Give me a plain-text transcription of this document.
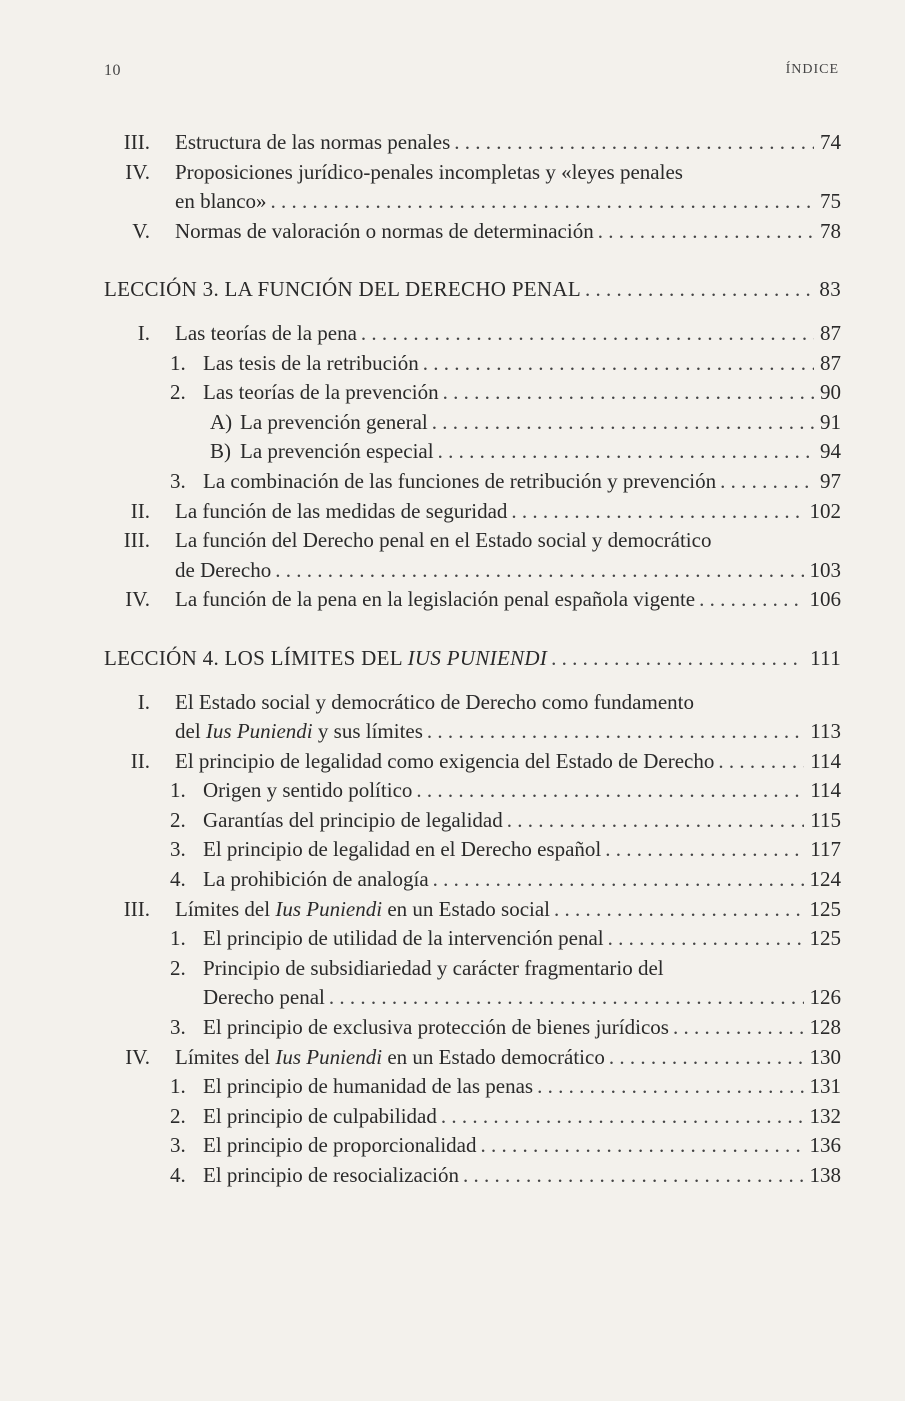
10	ÍNDICE
III. Estructura de las normas penales . . .	74
IV. Proposiciones jurídico-penales incompletas y «leyes penales
en blanco» . . .	75
V. Normas de valoración o normas de determinación . . .	78
LECCIÓN 3. LA FUNCIÓN DEL DERECHO PENAL . . .	83
I. Las teorías de la pena . . .	87
1. Las tesis de la retribución . . .	87
2. Las teorías de la prevención . . .	90
A) La prevención general . . .	91
B) La prevención especial . . .	94
3. La combinación de las funciones de retribución y prevención . . .	97
II. La función de las medidas de seguridad . . .	102
III. La función del Derecho penal en el Estado social y democrático
de Derecho . . .	103
IV. La función de la pena en la legislación penal española vigente . . .	106
LECCIÓN 4. LOS LÍMITES DEL IUS PUNIENDI . . .	111
I. El Estado social y democrático de Derecho como fundamento
del Ius Puniendi y sus límites . . .	113
II. El principio de legalidad como exigencia del Estado de Derecho . . .	114
1. Origen y sentido político . . .	114
2. Garantías del principio de legalidad . . .	115
3. El principio de legalidad en el Derecho español . . .	117
4. La prohibición de analogía . . .	124
III. Límites del Ius Puniendi en un Estado social . . .	125
1. El principio de utilidad de la intervención penal . . .	125
2. Principio de subsidiariedad y carácter fragmentario del
Derecho penal . . .	126
3. El principio de exclusiva protección de bienes jurídicos . . .	128
IV. Límites del Ius Puniendi en un Estado democrático . . .	130
1. El principio de humanidad de las penas . . .	131
2. El principio de culpabilidad . . .	132
3. El principio de proporcionalidad . . .	136
4. El principio de resocialización . . .	138
